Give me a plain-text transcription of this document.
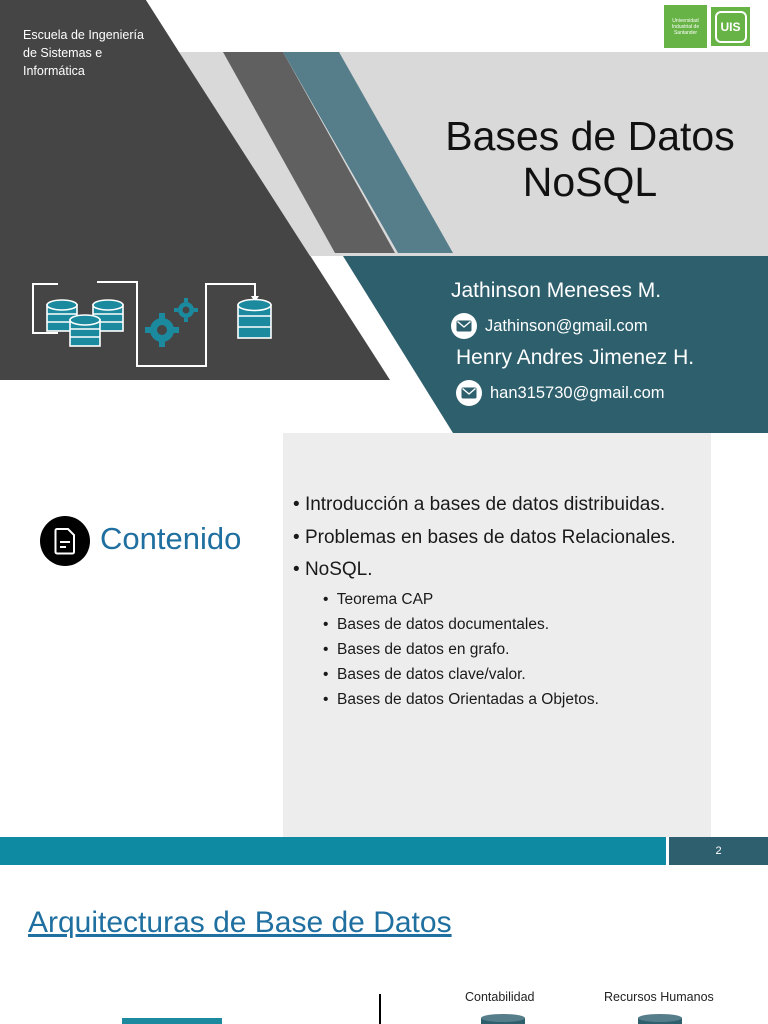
Escuela de Ingeniería
de Sistemas e
Informática
Universidad
Industrial de
Santander	UIS
Bases de Datos
NoSQL
Jathinson Meneses M.
Jathinson@gmail.com
Henry Andres Jimenez H.
han315730@gmail.com
Contenido
• Introducción a bases de datos distribuidas.
• Problemas en bases de datos Relacionales.
• NoSQL.
•  Teorema CAP
•  Bases de datos documentales.
•  Bases de datos en grafo.
•  Bases de datos clave/valor.
•  Bases de datos Orientadas a Objetos.
2
Arquitecturas de Base de Datos
Contabilidad	Recursos Humanos
